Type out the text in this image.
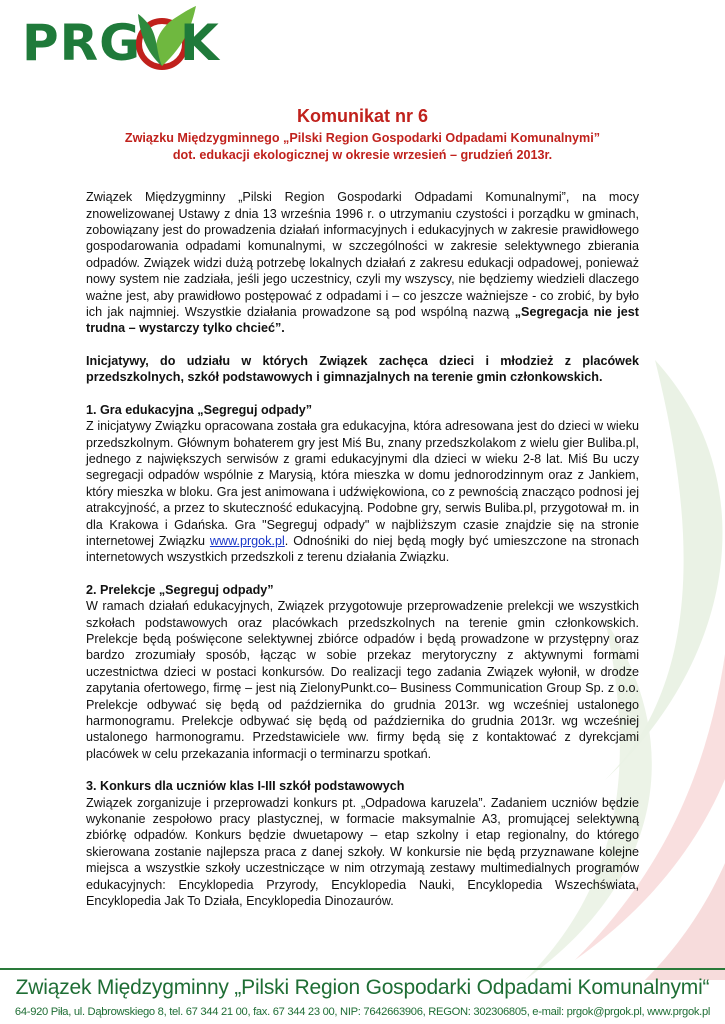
PRG K
Komunikat nr 6

Związku Międzygminnego „Pilski Region Gospodarki Odpadami Komunalnymi”

dot. edukacji ekologicznej w okresie wrzesień – grudzień 2013r.

Związek Międzygminny „Pilski Region Gospodarki Odpadami Komunalnymi”, na mocy znowelizowanej Ustawy z dnia 13 września 1996 r. o utrzymaniu czystości i porządku w gminach, zobowiązany jest do prowadzenia działań informacyjnych i edukacyjnych w zakresie prawidłowego gospodarowania odpadami komunalnymi, w szczególności w zakresie selektywnego zbierania odpadów. Związek widzi dużą potrzebę lokalnych działań z zakresu edukacji odpadowej, ponieważ nowy system nie zadziała, jeśli jego uczestnicy, czyli my wszyscy, nie będziemy wiedzieli dlaczego ważne jest, aby prawidłowo postępować z odpadami i – co jeszcze ważniejsze - co zrobić, by było ich jak najmniej. Wszystkie działania prowadzone są pod wspólną nazwą „Segregacja nie jest trudna – wystarczy tylko chcieć”.

Inicjatywy, do udziału w których Związek zachęca dzieci i młodzież z placówek przedszkolnych, szkół podstawowych i gimnazjalnych na terenie gmin członkowskich.

1. Gra edukacyjna „Segreguj odpady”

Z inicjatywy Związku opracowana została gra edukacyjna, która adresowana jest do dzieci w wieku przedszkolnym. Głównym bohaterem gry jest Miś Bu, znany przedszkolakom z wielu gier Buliba.pl, jednego z największych serwisów z grami edukacyjnymi dla dzieci w wieku 2-8 lat. Miś Bu uczy segregacji odpadów wspólnie z Marysią, która mieszka w domu jednorodzinnym oraz z Jankiem, który mieszka w bloku. Gra jest animowana i udźwiękowiona, co z pewnością znacząco podnosi jej atrakcyjność, a przez to skuteczność edukacyjną. Podobne gry, serwis Buliba.pl, przygotował m. in dla Krakowa i Gdańska. Gra "Segreguj odpady" w najbliższym czasie znajdzie się na stronie internetowej Związku www.prgok.pl. Odnośniki do niej będą mogły być umieszczone na stronach internetowych wszystkich przedszkoli z terenu działania Związku.

2. Prelekcje „Segreguj odpady”

W ramach działań edukacyjnych, Związek przygotowuje przeprowadzenie prelekcji we wszystkich szkołach podstawowych oraz placówkach przedszkolnych na terenie gmin członkowskich. Prelekcje będą poświęcone selektywnej zbiórce odpadów i będą prowadzone w przystępny oraz bardzo zrozumiały sposób, łącząc w sobie przekaz merytoryczny z aktywnymi formami uczestnictwa dzieci w postaci konkursów. Do realizacji tego zadania Związek wyłonił, w drodze zapytania ofertowego, firmę – jest nią ZielonyPunkt.co– Business Communication Group Sp. z o.o. Prelekcje odbywać się będą od października do grudnia 2013r. wg wcześniej ustalonego harmonogramu. Prelekcje odbywać się będą od października do grudnia 2013r. wg wcześniej ustalonego harmonogramu. Przedstawiciele ww. firmy będą się z kontaktować z dyrekcjami placówek w celu przekazania informacji o terminarzu spotkań.

3. Konkurs dla uczniów klas I-III szkół podstawowych

Związek zorganizuje i przeprowadzi konkurs pt. „Odpadowa karuzela”. Zadaniem uczniów będzie wykonanie zespołowo pracy plastycznej, w formacie maksymalnie A3, promującej selektywną zbiórkę odpadów. Konkurs będzie dwuetapowy – etap szkolny i etap regionalny, do którego skierowana zostanie najlepsza praca z danej szkoły. W konkursie nie będą przyznawane kolejne miejsca a wszystkie szkoły uczestniczące w nim otrzymają zestawy multimedialnych programów edukacyjnych: Encyklopedia Przyrody, Encyklopedia Nauki, Encyklopedia Wszechświata, Encyklopedia Jak To Działa, Encyklopedia Dinozaurów.

Związek Międzygminny „Pilski Region Gospodarki Odpadami Komunalnymi“
64-920 Piła, ul. Dąbrowskiego 8, tel. 67 344 21 00, fax. 67 344 23 00, NIP: 7642663906, REGON: 302306805, e-mail: prgok@prgok.pl, www.prgok.pl
